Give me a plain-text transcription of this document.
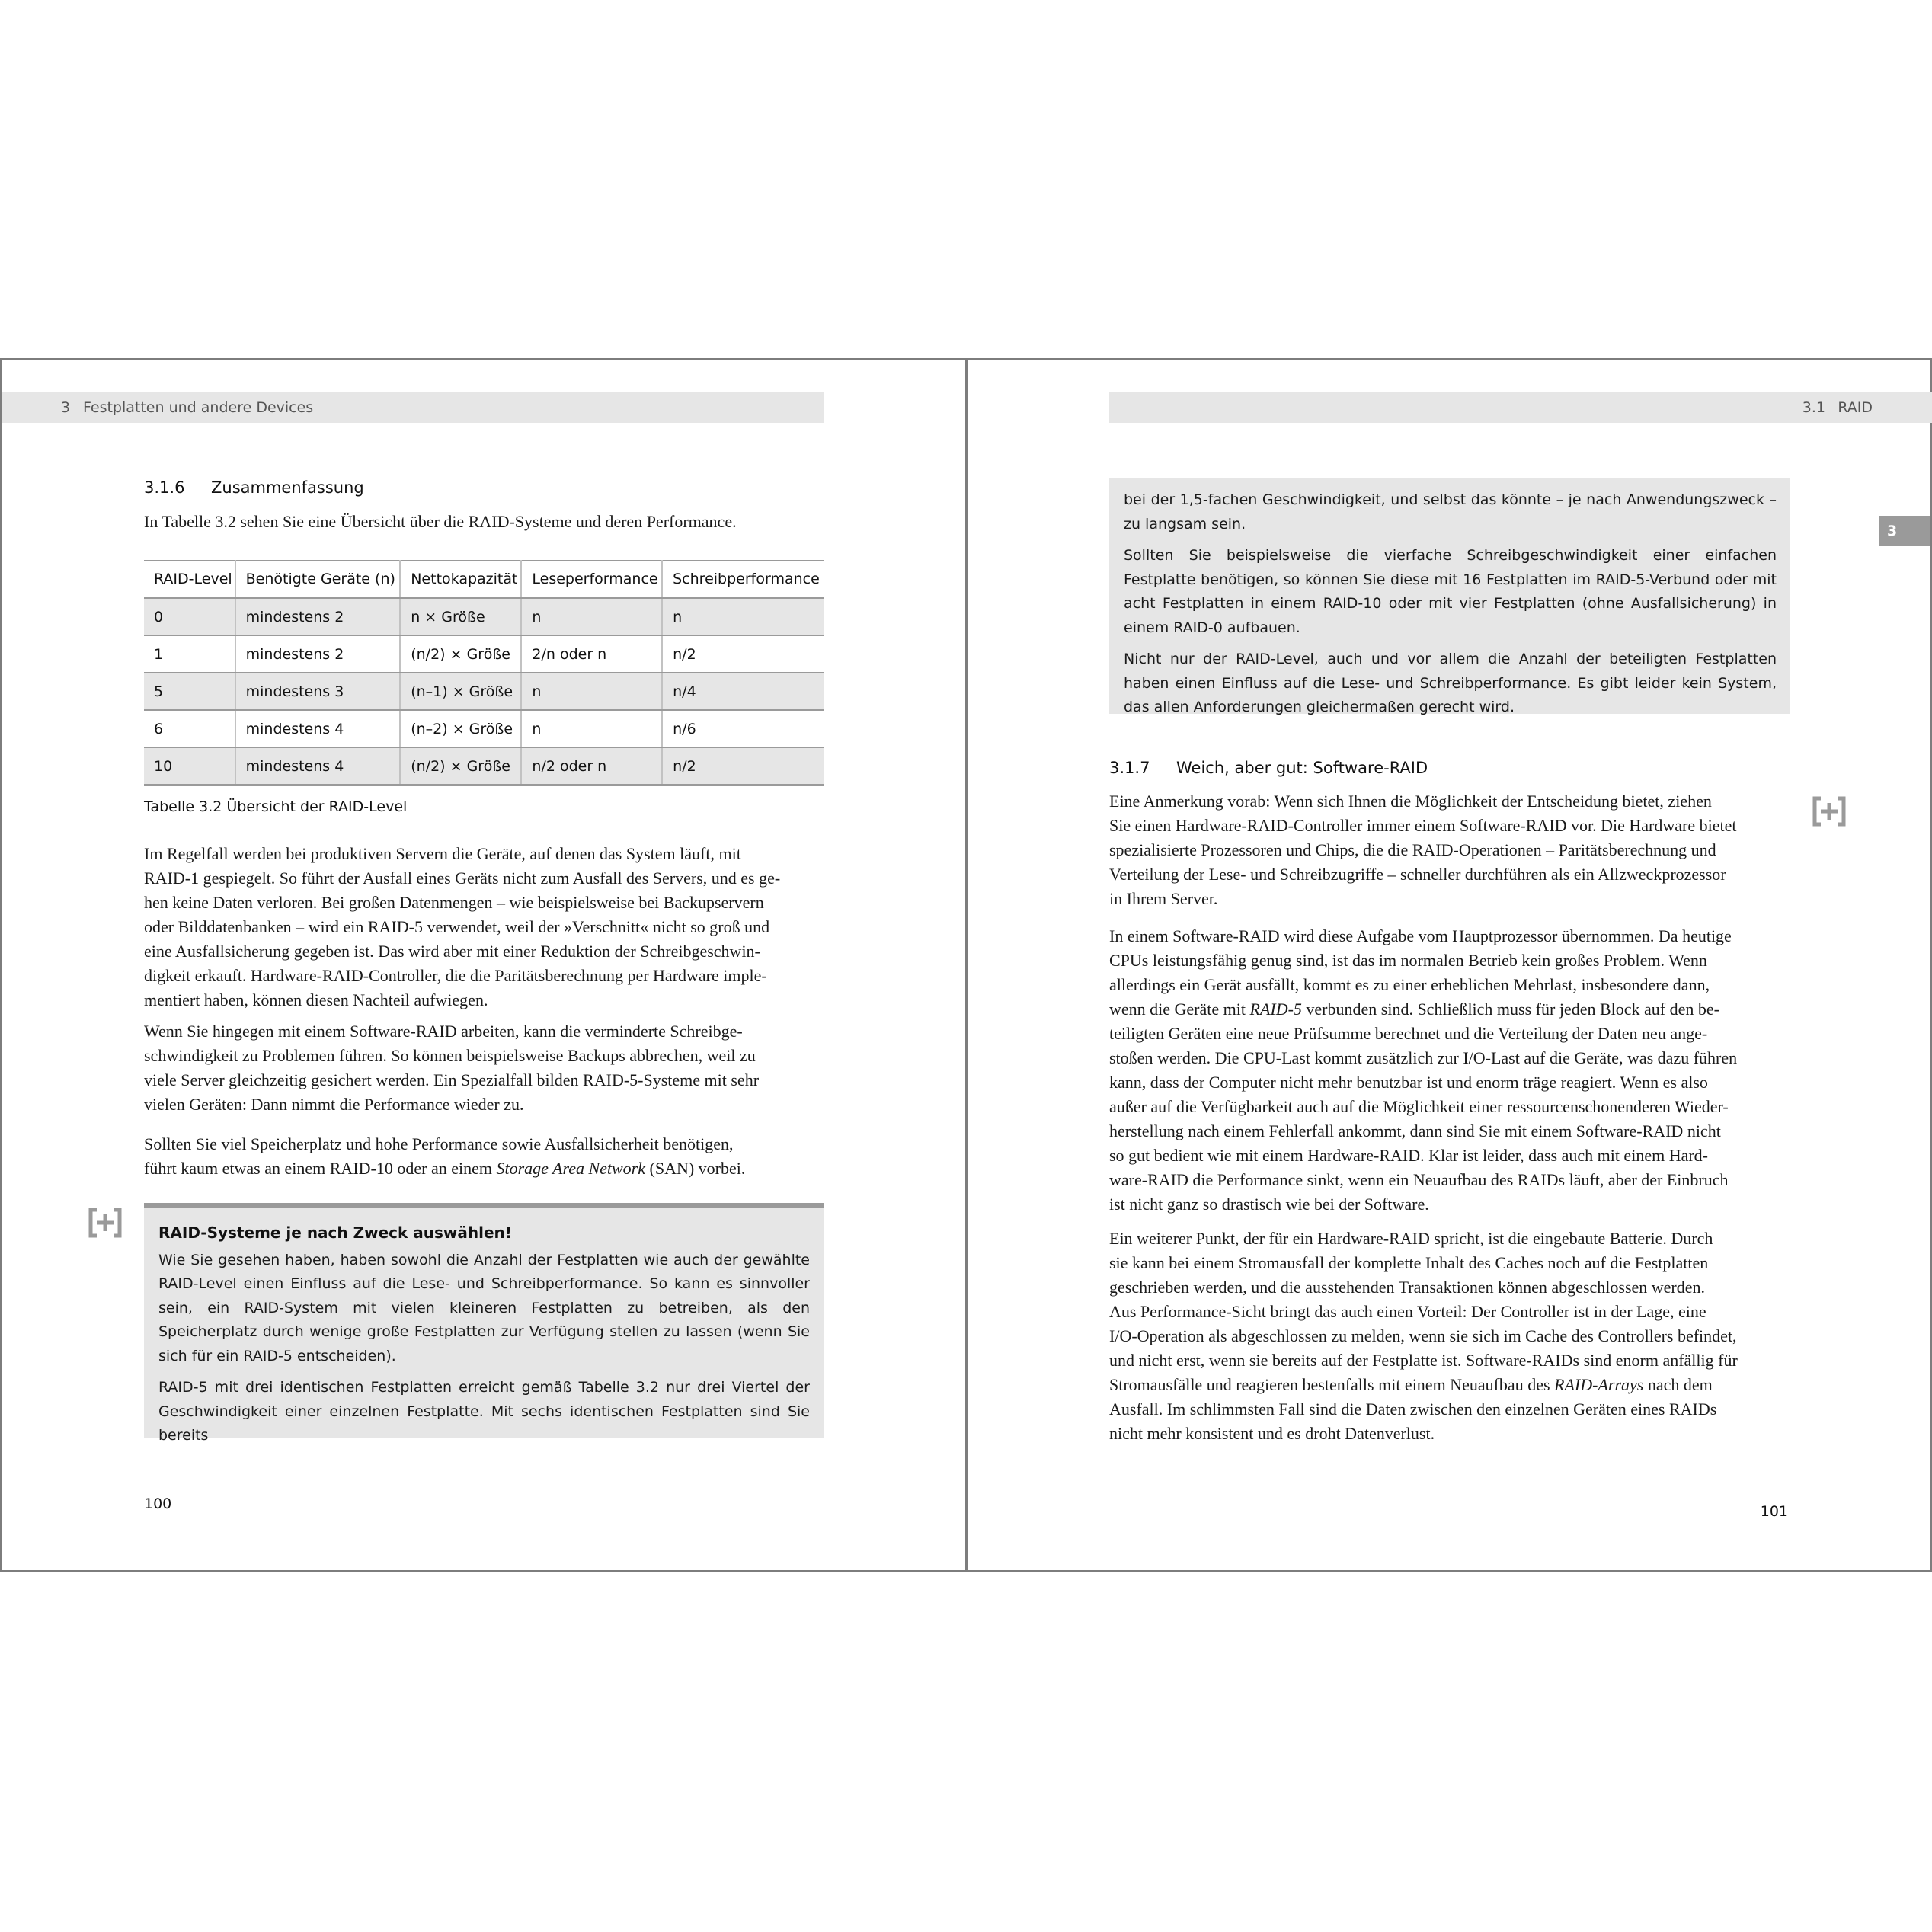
3 Festplatten und andere Devices
3.1.6 Zusammenfassung

In Tabelle 3.2 sehen Sie eine Übersicht über die RAID-Systeme und deren Performance.

RAID-Level	Benötigte Geräte (n)	Nettokapazität	Leseperformance	Schreibperformance
0	mindestens 2	n × Größe	n	n
1	mindestens 2	(n/2) × Größe	2/n oder n	n/2
5	mindestens 3	(n–1) × Größe	n	n/4
6	mindestens 4	(n–2) × Größe	n	n/6
10	mindestens 4	(n/2) × Größe	n/2 oder n	n/2
Tabelle 3.2 Übersicht der RAID-Level
Im Regelfall werden bei produktiven Servern die Geräte, auf denen das System läuft, mit
RAID-1 gespiegelt. So führt der Ausfall eines Geräts nicht zum Ausfall des Servers, und es ge-
hen keine Daten verloren. Bei großen Datenmengen – wie beispielsweise bei Backupservern
oder Bilddatenbanken – wird ein RAID-5 verwendet, weil der »Verschnitt« nicht so groß und
eine Ausfallsicherung gegeben ist. Das wird aber mit einer Reduktion der Schreibgeschwin-
digkeit erkauft. Hardware-RAID-Controller, die die Paritätsberechnung per Hardware imple-
mentiert haben, können diesen Nachteil aufwiegen.
Wenn Sie hingegen mit einem Software-RAID arbeiten, kann die verminderte Schreibge-
schwindigkeit zu Problemen führen. So können beispielsweise Backups abbrechen, weil zu
viele Server gleichzeitig gesichert werden. Ein Spezialfall bilden RAID-5-Systeme mit sehr
vielen Geräten: Dann nimmt die Performance wieder zu.
Sollten Sie viel Speicherplatz und hohe Performance sowie Ausfallsicherheit benötigen,
führt kaum etwas an einem RAID-10 oder an einem Storage Area Network (SAN) vorbei.

RAID-Systeme je nach Zweck auswählen!

Wie Sie gesehen haben, haben sowohl die Anzahl der Festplatten wie auch der gewählte RAID-Level einen Einfluss auf die Lese- und Schreibperformance. So kann es sinnvoller sein, ein RAID-System mit vielen kleineren Festplatten zu betreiben, als den Speicherplatz durch wenige große Festplatten zur Verfügung stellen zu lassen (wenn Sie sich für ein RAID-5 entscheiden).

RAID-5 mit drei identischen Festplatten erreicht gemäß Tabelle 3.2 nur drei Viertel der Geschwindigkeit einer einzelnen Festplatte. Mit sechs identischen Festplatten sind Sie bereits

100
3.1 RAID
3

bei der 1,5-fachen Geschwindigkeit, und selbst das könnte – je nach Anwendungszweck – zu langsam sein.

Sollten Sie beispielsweise die vierfache Schreibgeschwindigkeit einer einfachen Festplatte benötigen, so können Sie diese mit 16 Festplatten im RAID-5-Verbund oder mit acht Festplatten in einem RAID-10 oder mit vier Festplatten (ohne Ausfallsicherung) in einem RAID-0 aufbauen.

Nicht nur der RAID-Level, auch und vor allem die Anzahl der beteiligten Festplatten haben einen Einfluss auf die Lese- und Schreibperformance. Es gibt leider kein System, das allen Anforderungen gleichermaßen gerecht wird.

3.1.7 Weich, aber gut: Software-RAID
Eine Anmerkung vorab: Wenn sich Ihnen die Möglichkeit der Entscheidung bietet, ziehen
Sie einen Hardware-RAID-Controller immer einem Software-RAID vor. Die Hardware bietet
spezialisierte Prozessoren und Chips, die die RAID-Operationen – Paritätsberechnung und
Verteilung der Lese- und Schreibzugriffe – schneller durchführen als ein Allzweckprozessor
in Ihrem Server.
In einem Software-RAID wird diese Aufgabe vom Hauptprozessor übernommen. Da heutige
CPUs leistungsfähig genug sind, ist das im normalen Betrieb kein großes Problem. Wenn
allerdings ein Gerät ausfällt, kommt es zu einer erheblichen Mehrlast, insbesondere dann,
wenn die Geräte mit RAID-5 verbunden sind. Schließlich muss für jeden Block auf den be-
teiligten Geräten eine neue Prüfsumme berechnet und die Verteilung der Daten neu ange-
stoßen werden. Die CPU-Last kommt zusätzlich zur I/O-Last auf die Geräte, was dazu führen
kann, dass der Computer nicht mehr benutzbar ist und enorm träge reagiert. Wenn es also
außer auf die Verfügbarkeit auch auf die Möglichkeit einer ressourcenschonenderen Wieder-
herstellung nach einem Fehlerfall ankommt, dann sind Sie mit einem Software-RAID nicht
so gut bedient wie mit einem Hardware-RAID. Klar ist leider, dass auch mit einem Hard-
ware-RAID die Performance sinkt, wenn ein Neuaufbau des RAIDs läuft, aber der Einbruch
ist nicht ganz so drastisch wie bei der Software.
Ein weiterer Punkt, der für ein Hardware-RAID spricht, ist die eingebaute Batterie. Durch
sie kann bei einem Stromausfall der komplette Inhalt des Caches noch auf die Festplatten
geschrieben werden, und die ausstehenden Transaktionen können abgeschlossen werden.
Aus Performance-Sicht bringt das auch einen Vorteil: Der Controller ist in der Lage, eine
I/O-Operation als abgeschlossen zu melden, wenn sie sich im Cache des Controllers befindet,
und nicht erst, wenn sie bereits auf der Festplatte ist. Software-RAIDs sind enorm anfällig für
Stromausfälle und reagieren bestenfalls mit einem Neuaufbau des RAID-Arrays nach dem
Ausfall. Im schlimmsten Fall sind die Daten zwischen den einzelnen Geräten eines RAIDs
nicht mehr konsistent und es droht Datenverlust.
101
